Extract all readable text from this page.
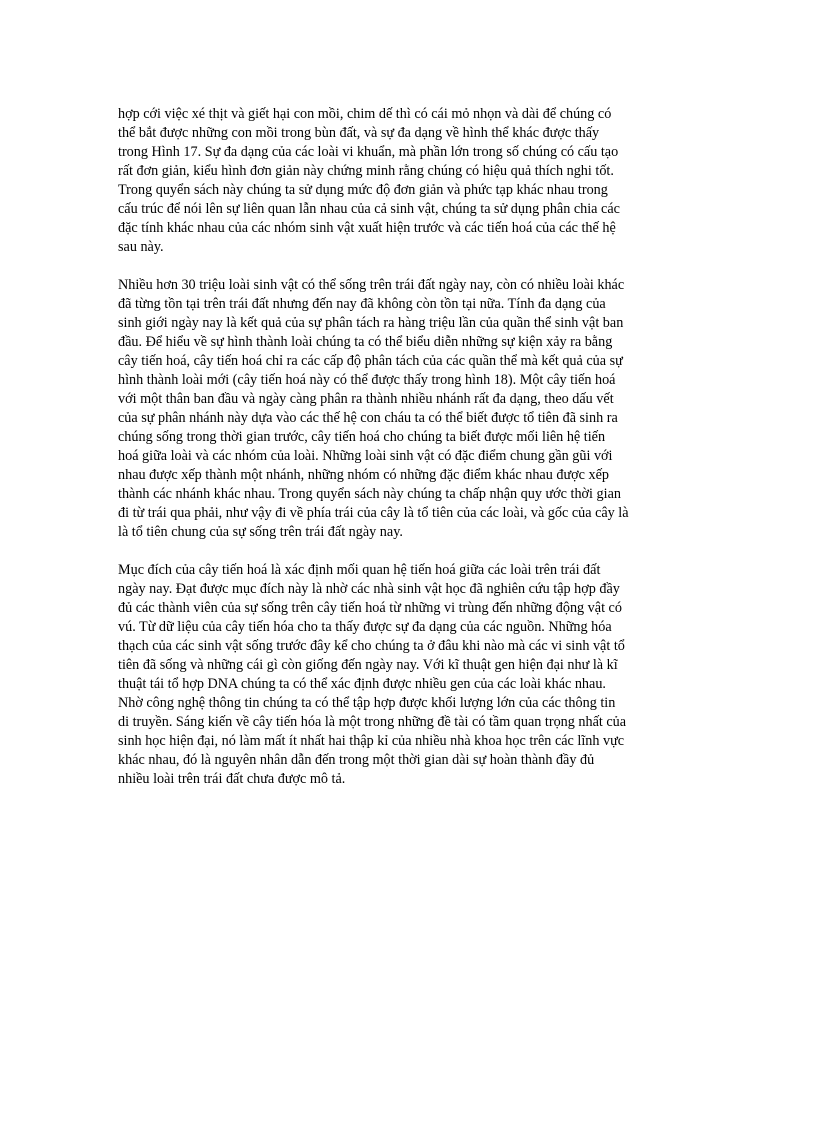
hợp cới việc xé thịt và giết hại con mồi, chim dế thì có cái mỏ nhọn và dài để chúng có
thể bắt được những con mồi trong bùn đất, và sự đa dạng về hình thể khác được thấy
trong Hình 17. Sự đa dạng của các loài vi khuẩn, mà phần lớn trong số chúng có cấu tạo
rất đơn giản, kiểu hình đơn giản này chứng minh rằng chúng có hiệu quả thích nghi tốt.
Trong quyển sách này chúng ta sử dụng mức độ đơn giản và phức tạp khác nhau trong
cấu trúc để nói lên sự liên quan lẫn nhau của cả sinh vật, chúng ta sử dụng phân chia các
đặc tính khác nhau của các nhóm sinh vật xuất hiện trước và các tiến hoá của các thế hệ
sau này.

Nhiều hơn 30 triệu loài sinh vật có thể sống trên trái đất ngày nay, còn có nhiều loài khác
đã từng tồn tại trên trái đất nhưng đến nay đã không còn tồn tại nữa. Tính đa dạng của
sinh giới ngày nay là kết quả của sự phân tách ra hàng triệu lần của quần thể sinh vật ban
đầu. Để hiểu về sự hình thành loài chúng ta có thể biểu diễn những sự kiện xảy ra bằng
cây tiến hoá, cây tiến hoá chỉ ra các cấp độ phân tách của các quần thể mà kết quả của sự
hình thành loài mới (cây tiến hoá này có thể được thấy trong hình 18). Một cây tiến hoá
với một thân ban đầu và ngày càng phân ra thành nhiều nhánh rất đa dạng, theo dấu vết
của sự phân nhánh này dựa vào các thế hệ con cháu ta có thể biết được tổ tiên đã sinh ra
chúng sống trong thời gian trước, cây tiến hoá cho chúng ta biết được mối liên hệ tiến
hoá giữa loài và các nhóm của loài. Những loài sinh vật có đặc điểm chung gần gũi với
nhau được xếp thành một nhánh, những nhóm có những đặc điểm khác nhau được xếp
thành các nhánh khác nhau. Trong quyển sách này chúng ta chấp nhận quy ước thời gian
đi từ trái qua phải, như vậy đi về phía trái của cây là tổ tiên của các loài, và gốc của cây là
là tổ tiên chung của sự sống trên trái đất ngày nay.

Mục đích của cây tiến hoá là xác định mối quan hệ tiến hoá giữa các loài trên trái đất
ngày nay. Đạt được mục đích này là nhờ các nhà sinh vật học đã nghiên cứu tập hợp đầy
đủ các thành viên của sự sống trên cây tiến hoá từ những vi trùng đến những động vật có
vú. Từ dữ liệu của cây tiến hóa cho ta thấy được sự đa dạng của các nguồn. Những hóa
thạch của các sinh vật sống trước đây kể cho chúng ta ở đâu khi nào mà các vi sinh vật tổ
tiên đã sống và những cái gì còn giống đến ngày nay. Với kĩ thuật gen hiện đại như là kĩ
thuật tái tổ hợp DNA chúng ta có thể xác định được nhiều gen của các loài khác nhau.
Nhờ công nghệ thông tin chúng ta có thể tập hợp được khối lượng lớn của các thông tin
di truyền. Sáng kiến về cây tiến hóa là một trong những đề tài có tầm quan trọng nhất của
sinh học hiện đại, nó làm mất ít nhất hai thập kỉ của nhiều nhà khoa học trên các lĩnh vực
khác nhau, đó là nguyên nhân dẫn đến trong một thời gian dài sự hoàn thành đầy đủ
nhiều loài trên trái đất chưa được mô tả.
